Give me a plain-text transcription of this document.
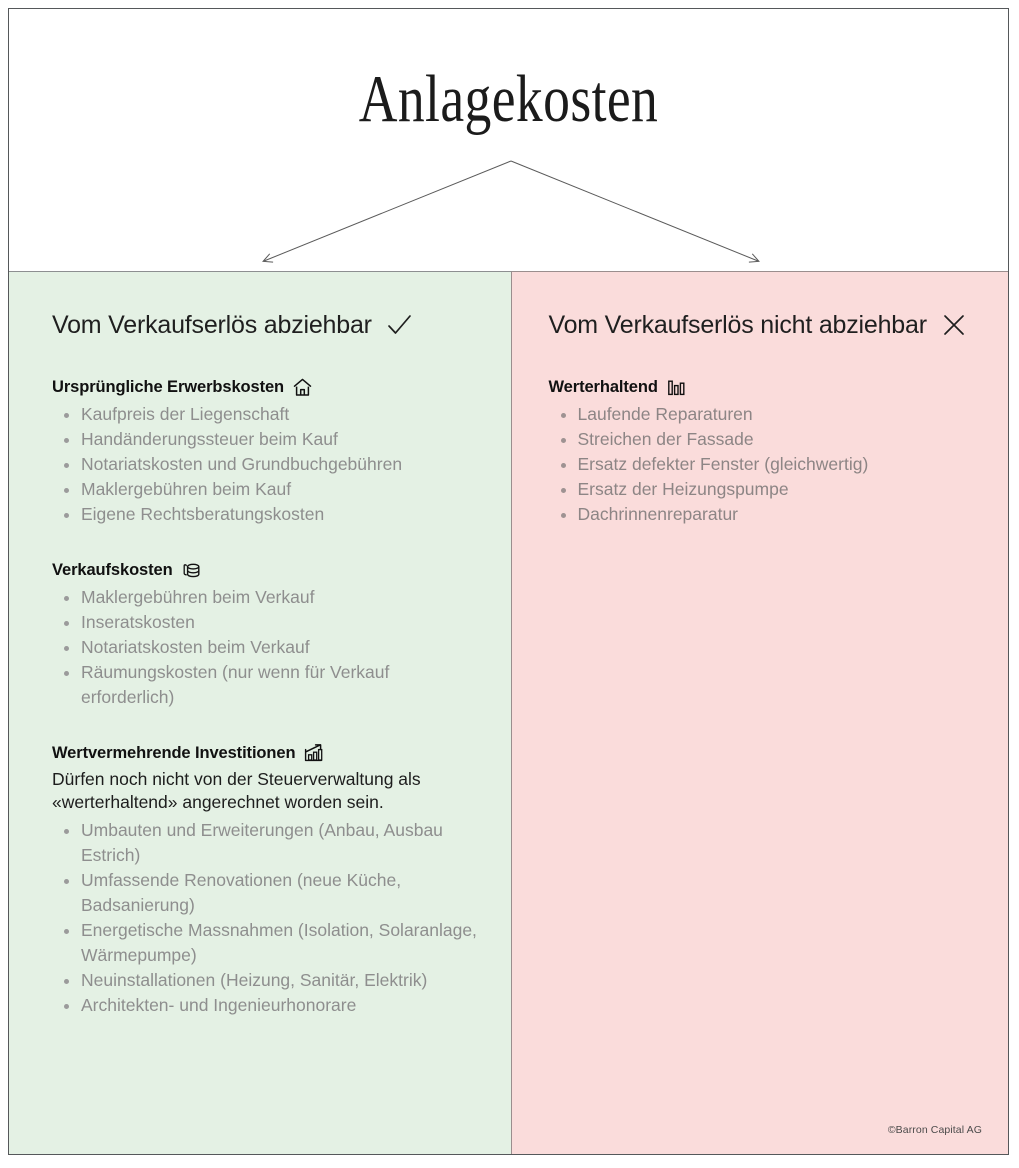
Anlagekosten
Vom Verkaufserlös abziehbar
Ursprüngliche Erwerbskosten
Kaufpreis der Liegenschaft
Handänderungssteuer beim Kauf
Notariatskosten und Grundbuchgebühren
Maklergebühren beim Kauf
Eigene Rechtsberatungskosten
Verkaufskosten
Maklergebühren beim Verkauf
Inseratskosten
Notariatskosten beim Verkauf
Räumungskosten (nur wenn für Verkauf erforderlich)
Wertvermehrende Investitionen

Dürfen noch nicht von der Steuerverwaltung als «werterhaltend» angerechnet worden sein.

Umbauten und Erweiterungen (Anbau, Ausbau Estrich)
Umfassende Renovationen (neue Küche, Badsanierung)
Energetische Massnahmen (Isolation, Solaranlage, Wärmepumpe)
Neuinstallationen (Heizung, Sanitär, Elektrik)
Architekten- und Ingenieurhonorare
Vom Verkaufserlös nicht abziehbar
Werterhaltend
Laufende Reparaturen
Streichen der Fassade
Ersatz defekter Fenster (gleichwertig)
Ersatz der Heizungspumpe
Dachrinnenreparatur
©Barron Capital AG
